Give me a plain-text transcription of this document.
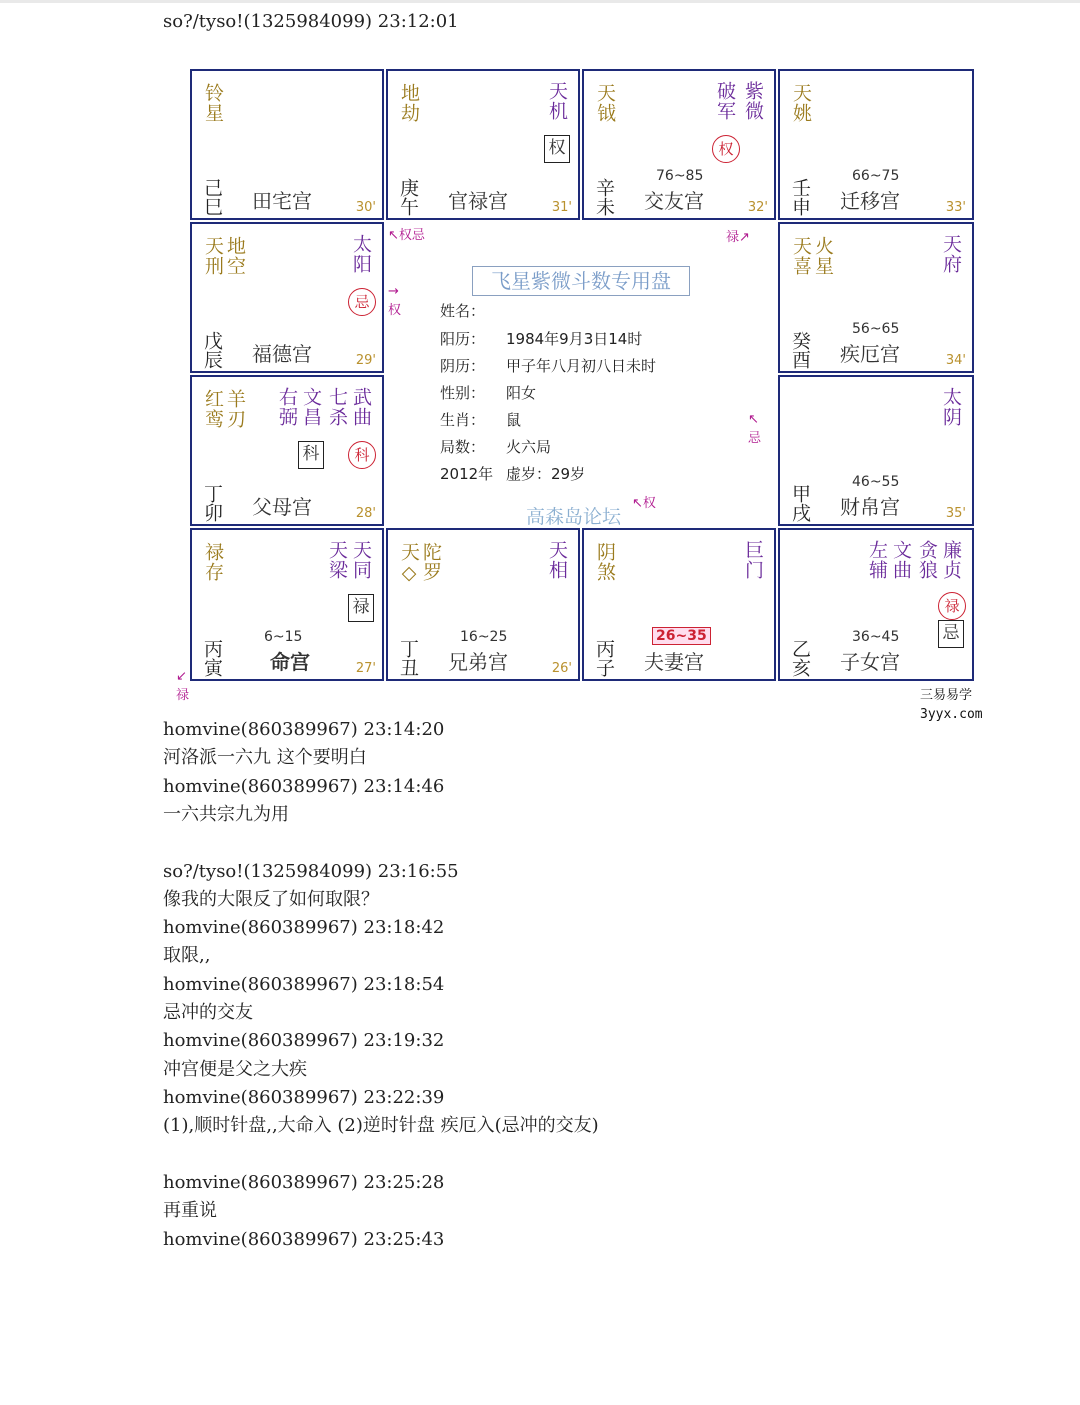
so?/tyso!(1325984099) 23:12:01
铃星
己巳 田宅宫	30'
地劫	天机
权
庚午 官禄宫	31'
天钺	破军 紫微
权
76~85
辛未 交友宫	32'
天姚
66~75
壬申 迁移宫	33'
地空
天刑	太阳
忌
戊辰 福德宫	29'
火星
天喜	天府
56~65
癸酉 疾厄宫	34'
羊刃
红鸾	右弼 文昌 七杀 武曲
科	科
丁卯 父母宫	28'
太阴
46~55
甲戌 财帛宫	35'
禄存	天梁 天同
禄
6~15
丙寅 命宫	27'
陀罗
天◇	天相
16~25
丁丑 兄弟宫	26'
阴煞	巨门
26~35
丙子 夫妻宫
左辅 文曲 贪狼 廉贞
禄
忌
36~45
乙亥 子女宫
飞星紫微斗数专用盘
姓名：
阳历： 1984年9月3日14时
阴历： 甲子年八月初八日未时
性别： 阳女
生肖： 鼠
局数： 火六局
2012年 虚岁：29岁
高森岛论坛
↖权忌	禄↗
→
权
↖
忌
↖权
↙
禄	三易易学
3yyx.com
homvine(860389967) 23:14:20
河洛派一六九 这个要明白
homvine(860389967) 23:14:46
一六共宗九为用
so?/tyso!(1325984099) 23:16:55
像我的大限反了如何取限？
homvine(860389967) 23:18:42
取限,,
homvine(860389967) 23:18:54
忌冲的交友
homvine(860389967) 23:19:32
冲宫便是父之大疾
homvine(860389967) 23:22:39
(1),顺时针盘,,大命入 (2)逆时针盘 疾厄入(忌冲的交友)
homvine(860389967) 23:25:28
再重说
homvine(860389967) 23:25:43
